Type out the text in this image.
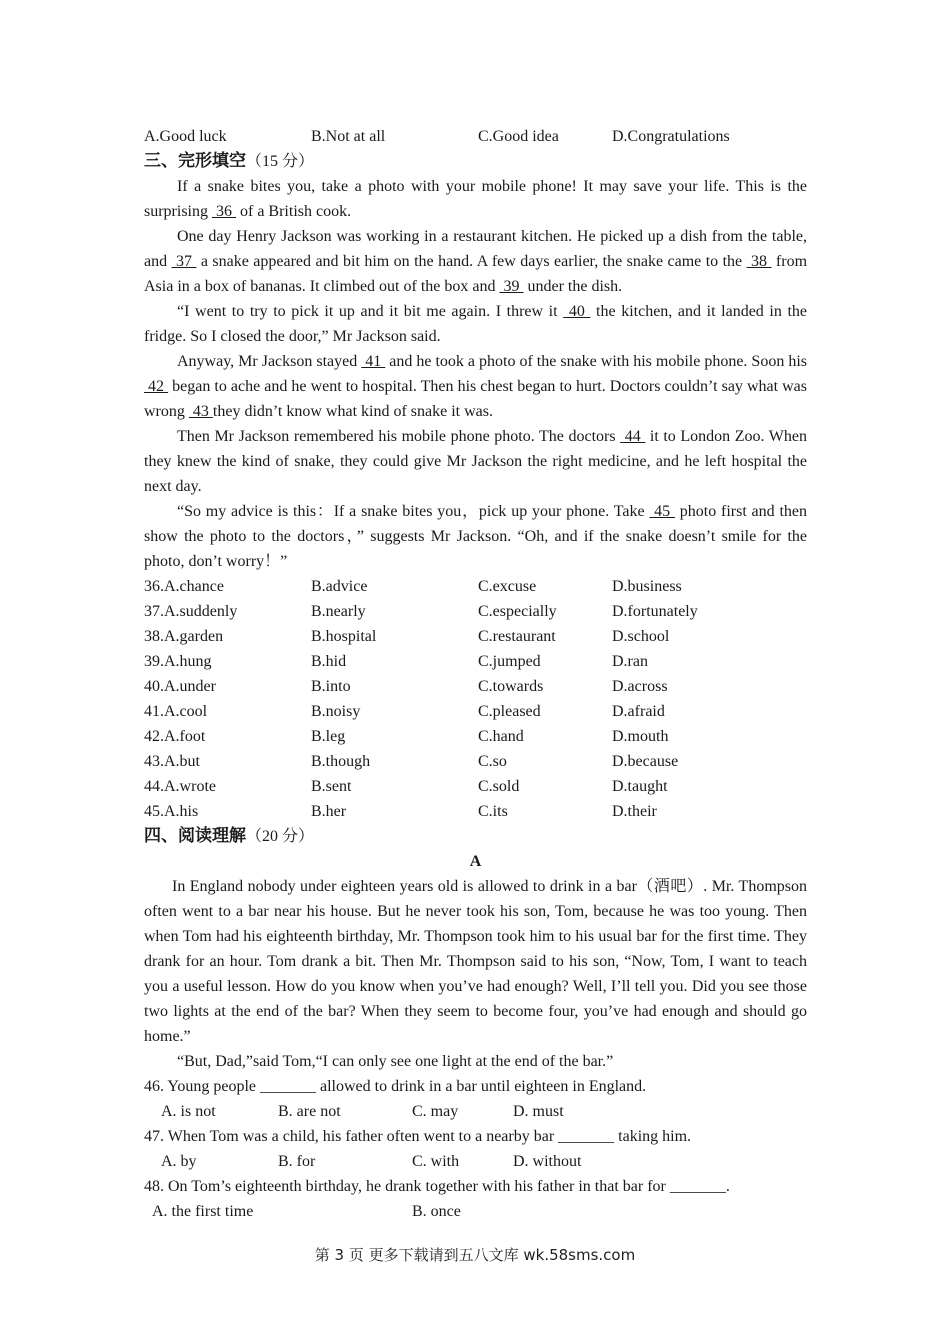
A.Good luck	B.Not at all	C.Good idea	D.Congratulations
三、完形填空（15 分）

If a snake bites you, take a photo with your mobile phone! It may save your life. This is the surprising  36  of a British cook.

One day Henry Jackson was working in a restaurant kitchen. He picked up a dish from the table, and  37  a snake appeared and bit him on the hand. A few days earlier, the snake came to the  38  from Asia in a box of bananas. It climbed out of the box and  39  under the dish.

“I went to try to pick it up and it bit me again. I threw it  40  the kitchen, and it landed in the fridge. So I closed the door,” Mr Jackson said.

Anyway, Mr Jackson stayed  41  and he took a photo of the snake with his mobile phone. Soon his  42  began to ache and he went to hospital. Then his chest began to hurt. Doctors couldn’t say what was wrong  43 they didn’t know what kind of snake it was.

Then Mr Jackson remembered his mobile phone photo. The doctors  44  it to London Zoo. When they knew the kind of snake, they could give Mr Jackson the right medicine, and he left hospital the next day.

“So my advice is this：If a snake bites you，pick up your phone. Take  45  photo first and then show the photo to the doctors，” suggests Mr Jackson. “Oh, and if the snake doesn’t smile for the photo, don’t worry！”

36.A.chance	B.advice	C.excuse	D.business
37.A.suddenly	B.nearly	C.especially	D.fortunately
38.A.garden	B.hospital	C.restaurant	D.school
39.A.hung	B.hid	C.jumped	D.ran
40.A.under	B.into	C.towards	D.across
41.A.cool	B.noisy	C.pleased	D.afraid
42.A.foot	B.leg	C.hand	D.mouth
43.A.but	B.though	C.so	D.because
44.A.wrote	B.sent	C.sold	D.taught
45.A.his	B.her	C.its	D.their
四、阅读理解（20 分）
A

In England nobody under eighteen years old is allowed to drink in a bar（酒吧）. Mr. Thompson often went to a bar near his house. But he never took his son, Tom, because he was too young. Then when Tom had his eighteenth birthday, Mr. Thompson took him to his usual bar for the first time. They drank for an hour. Tom drank a bit. Then Mr. Thompson said to his son, “Now, Tom, I want to teach you a useful lesson. How do you know when you’ve had enough? Well, I’ll tell you. Did you see those two lights at the end of the bar? When they seem to become four, you’ve had enough and should go home.”

“But, Dad,”said Tom,“I can only see one light at the end of the bar.”

46. Young people _______ allowed to drink in a bar until eighteen in England.
A. is not	B. are not	C. may	D. must
47. When Tom was a child, his father often went to a nearby bar _______ taking him.
A. by	B. for	C. with	D. without
48. On Tom’s eighteenth birthday, he drank together with his father in that bar for _______.
A. the first time	B. once
第 3 页 更多下载请到五八文库 wk.58sms.com
